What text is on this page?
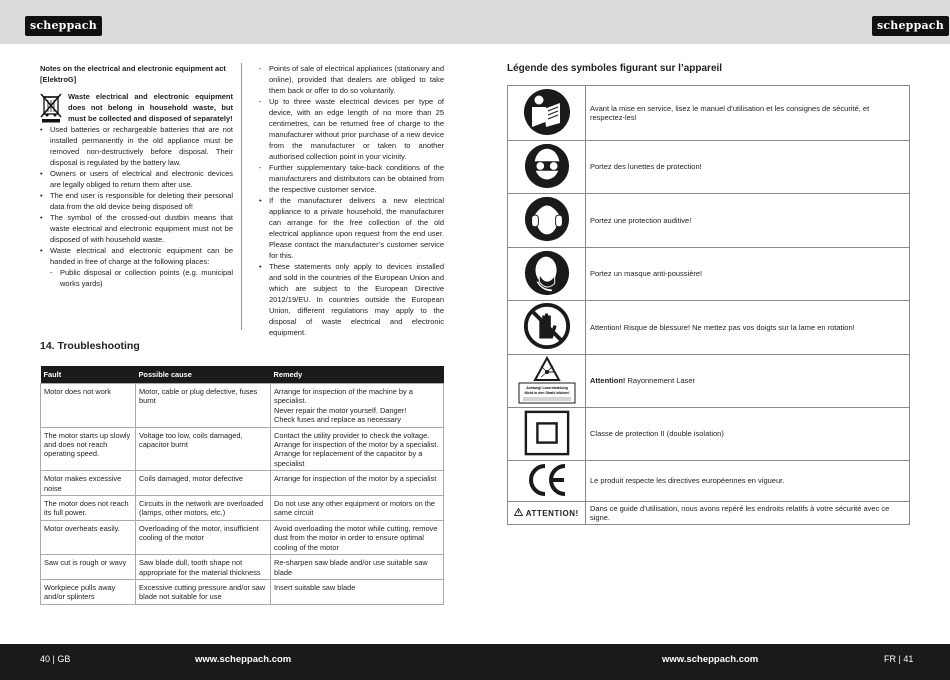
scheppach	scheppach
Notes on the electrical and electronic equipment act [ElektroG]
Waste electrical and electronic equipment does not belong in household waste, but must be collected and disposed of separately!
• Used batteries or rechargeable batteries that are not installed permanently in the old appliance must be removed non-destructively before disposal. Their disposal is regulated by the battery law.
• Owners or users of electrical and electronic devices are legally obliged to return them after use.
• The end user is responsible for deleting their personal data from the old device being disposed of!
• The symbol of the crossed-out dustbin means that waste electrical and electronic equipment must not be disposed of with household waste.
• Waste electrical and electronic equipment can be handed in free of charge at the following places:
- Public disposal or collection points (e.g. municipal works yards)
- Points of sale of electrical appliances (stationary and online), provided that dealers are obliged to take them back or offer to do so voluntarily.
- Up to three waste electrical devices per type of device, with an edge length of no more than 25 centimetres, can be returned free of charge to the manufacturer without prior purchase of a new device from the manufacturer or taken to another authorised collection point in your vicinity.
- Further supplementary take-back conditions of the manufacturers and distributors can be obtained from the respective customer service.
• If the manufacturer delivers a new electrical appliance to a private household, the manufacturer can arrange for the free collection of the old electrical appliance upon request from the end user. Please contact the manufacturer’s customer service for this.
• These statements only apply to devices installed and sold in the countries of the European Union and which are subject to the European Directive 2012/19/EU. In countries outside the European Union, different regulations may apply to the disposal of waste electrical and electronic equipment.
14. Troubleshooting
Fault	Possible cause	Remedy
Motor does not work	Motor, cable or plug defective, fuses burnt	Arrange for inspection of the machine by a specialist.
Never repair the motor yourself. Danger!
Check fuses and replace as necessary
The motor starts up slowly and does not reach operating speed.	Voltage too low, coils damaged, capacitor burnt	Contact the utility provider to check the voltage. Arrange for inspection of the motor by a specialist. Arrange for replacement of the capacitor by a specialist
Motor makes excessive noise	Coils damaged, motor defective	Arrange for inspection of the motor by a specialist
The motor does not reach its full power.	Circuits in the network are overloaded (lamps, other motors, etc.)	Do not use any other equipment or motors on the same circuit
Motor overheats easily.	Overloading of the motor, insufficient cooling of the motor	Avoid overloading the motor while cutting, remove dust from the motor in order to ensure optimal cooling of the motor
Saw cut is rough or wavy	Saw blade dull, tooth shape not appropriate for the material thickness	Re-sharpen saw blade and/or use suitable saw blade
Workpiece pulls away and/or splinters	Excessive cutting pressure and/or saw blade not suitable for use	Insert suitable saw blade
Légende des symboles figurant sur l’appareil
	Avant la mise en service, lisez le manuel d’utilisation et les consignes de sécurité, et respectez-les!
	Portez des lunettes de protection!
	Portez une protection auditive!
	Portez un masque anti-poussière!
	Attention! Risque de blessure! Ne mettez pas vos doigts sur la lame en rotation!

Achtung! Laserstrahlung
Nicht in den Strahl blicken!	Attention! Rayonnement Laser
	Classe de protection II (double isolation)
	Le produit respecte les directives européennes en vigueur.
ATTENTION!	Dans ce guide d’utilisation, nous avons repéré les endroits relatifs à votre sécurité avec ce signe.
40 | GB	www.scheppach.com	www.scheppach.com	FR | 41
